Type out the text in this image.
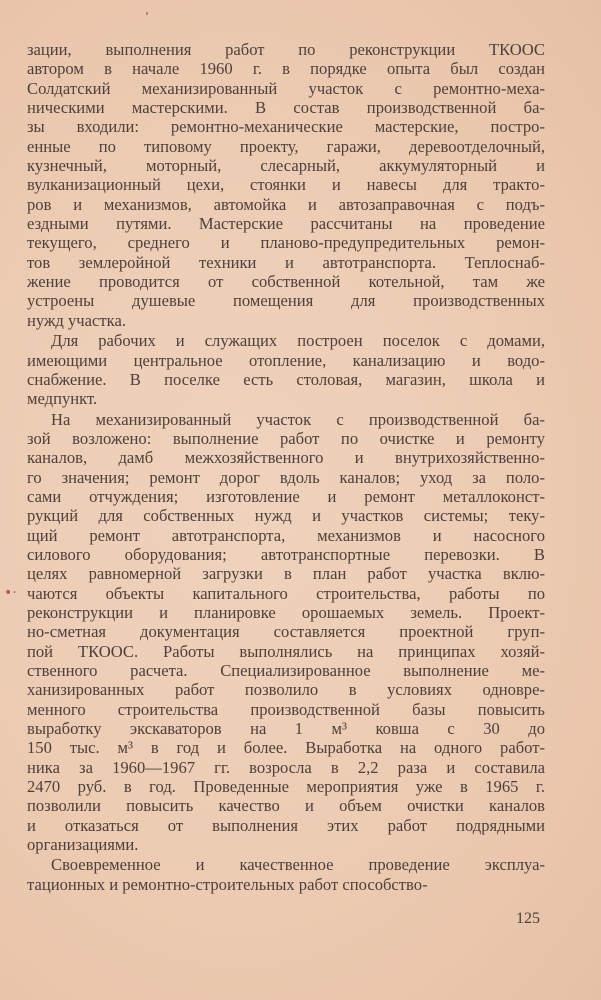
•·
зации, выполнения работ по реконструкции ТКООС
автором в начале 1960 г. в порядке опыта был создан
Солдатский механизированный участок с ремонтно-меха-
ническими мастерскими. В состав производственной ба-
зы входили: ремонтно-механические мастерские, постро-
енные по типовому проекту, гаражи, деревоотделочный,
кузнечный, моторный, слесарный, аккумуляторный и
вулканизационный цехи, стоянки и навесы для тракто-
ров и механизмов, автомойка и автозаправочная с подъ-
ездными путями. Мастерские рассчитаны на проведение
текущего, среднего и планово-предупредительных ремон-
тов землеройной техники и автотранспорта. Теплоснаб-
жение проводится от собственной котельной, там же
устроены душевые помещения для производственных
нужд участка.
Для рабочих и служащих построен поселок с домами,
имеющими центральное отопление, канализацию и водо-
снабжение. В поселке есть столовая, магазин, школа и
медпункт.
На механизированный участок с производственной ба-
зой возложено: выполнение работ по очистке и ремонту
каналов, дамб межхозяйственного и внутрихозяйственно-
го значения; ремонт дорог вдоль каналов; уход за поло-
сами отчуждения; изготовление и ремонт металлоконст-
рукций для собственных нужд и участков системы; теку-
щий ремонт автотранспорта, механизмов и насосного
силового оборудования; автотранспортные перевозки. В
целях равномерной загрузки в план работ участка вклю-
чаются объекты капитального строительства, работы по
реконструкции и планировке орошаемых земель. Проект-
но-сметная документация составляется проектной груп-
пой ТКООС. Работы выполнялись на принципах хозяй-
ственного расчета. Специализированное выполнение ме-
ханизированных работ позволило в условиях одновре-
менного строительства производственной базы повысить
выработку экскаваторов на 1 м³ ковша с 30 до
150 тыс. м³ в год и более. Выработка на одного работ-
ника за 1960—1967 гг. возросла в 2,2 раза и составила
2470 руб. в год. Проведенные мероприятия уже в 1965 г.
позволили повысить качество и объем очистки каналов
и отказаться от выполнения этих работ подрядными
организациями.
Своевременное и качественное проведение эксплуа-
тационных и ремонтно-строительных работ способство-
125
